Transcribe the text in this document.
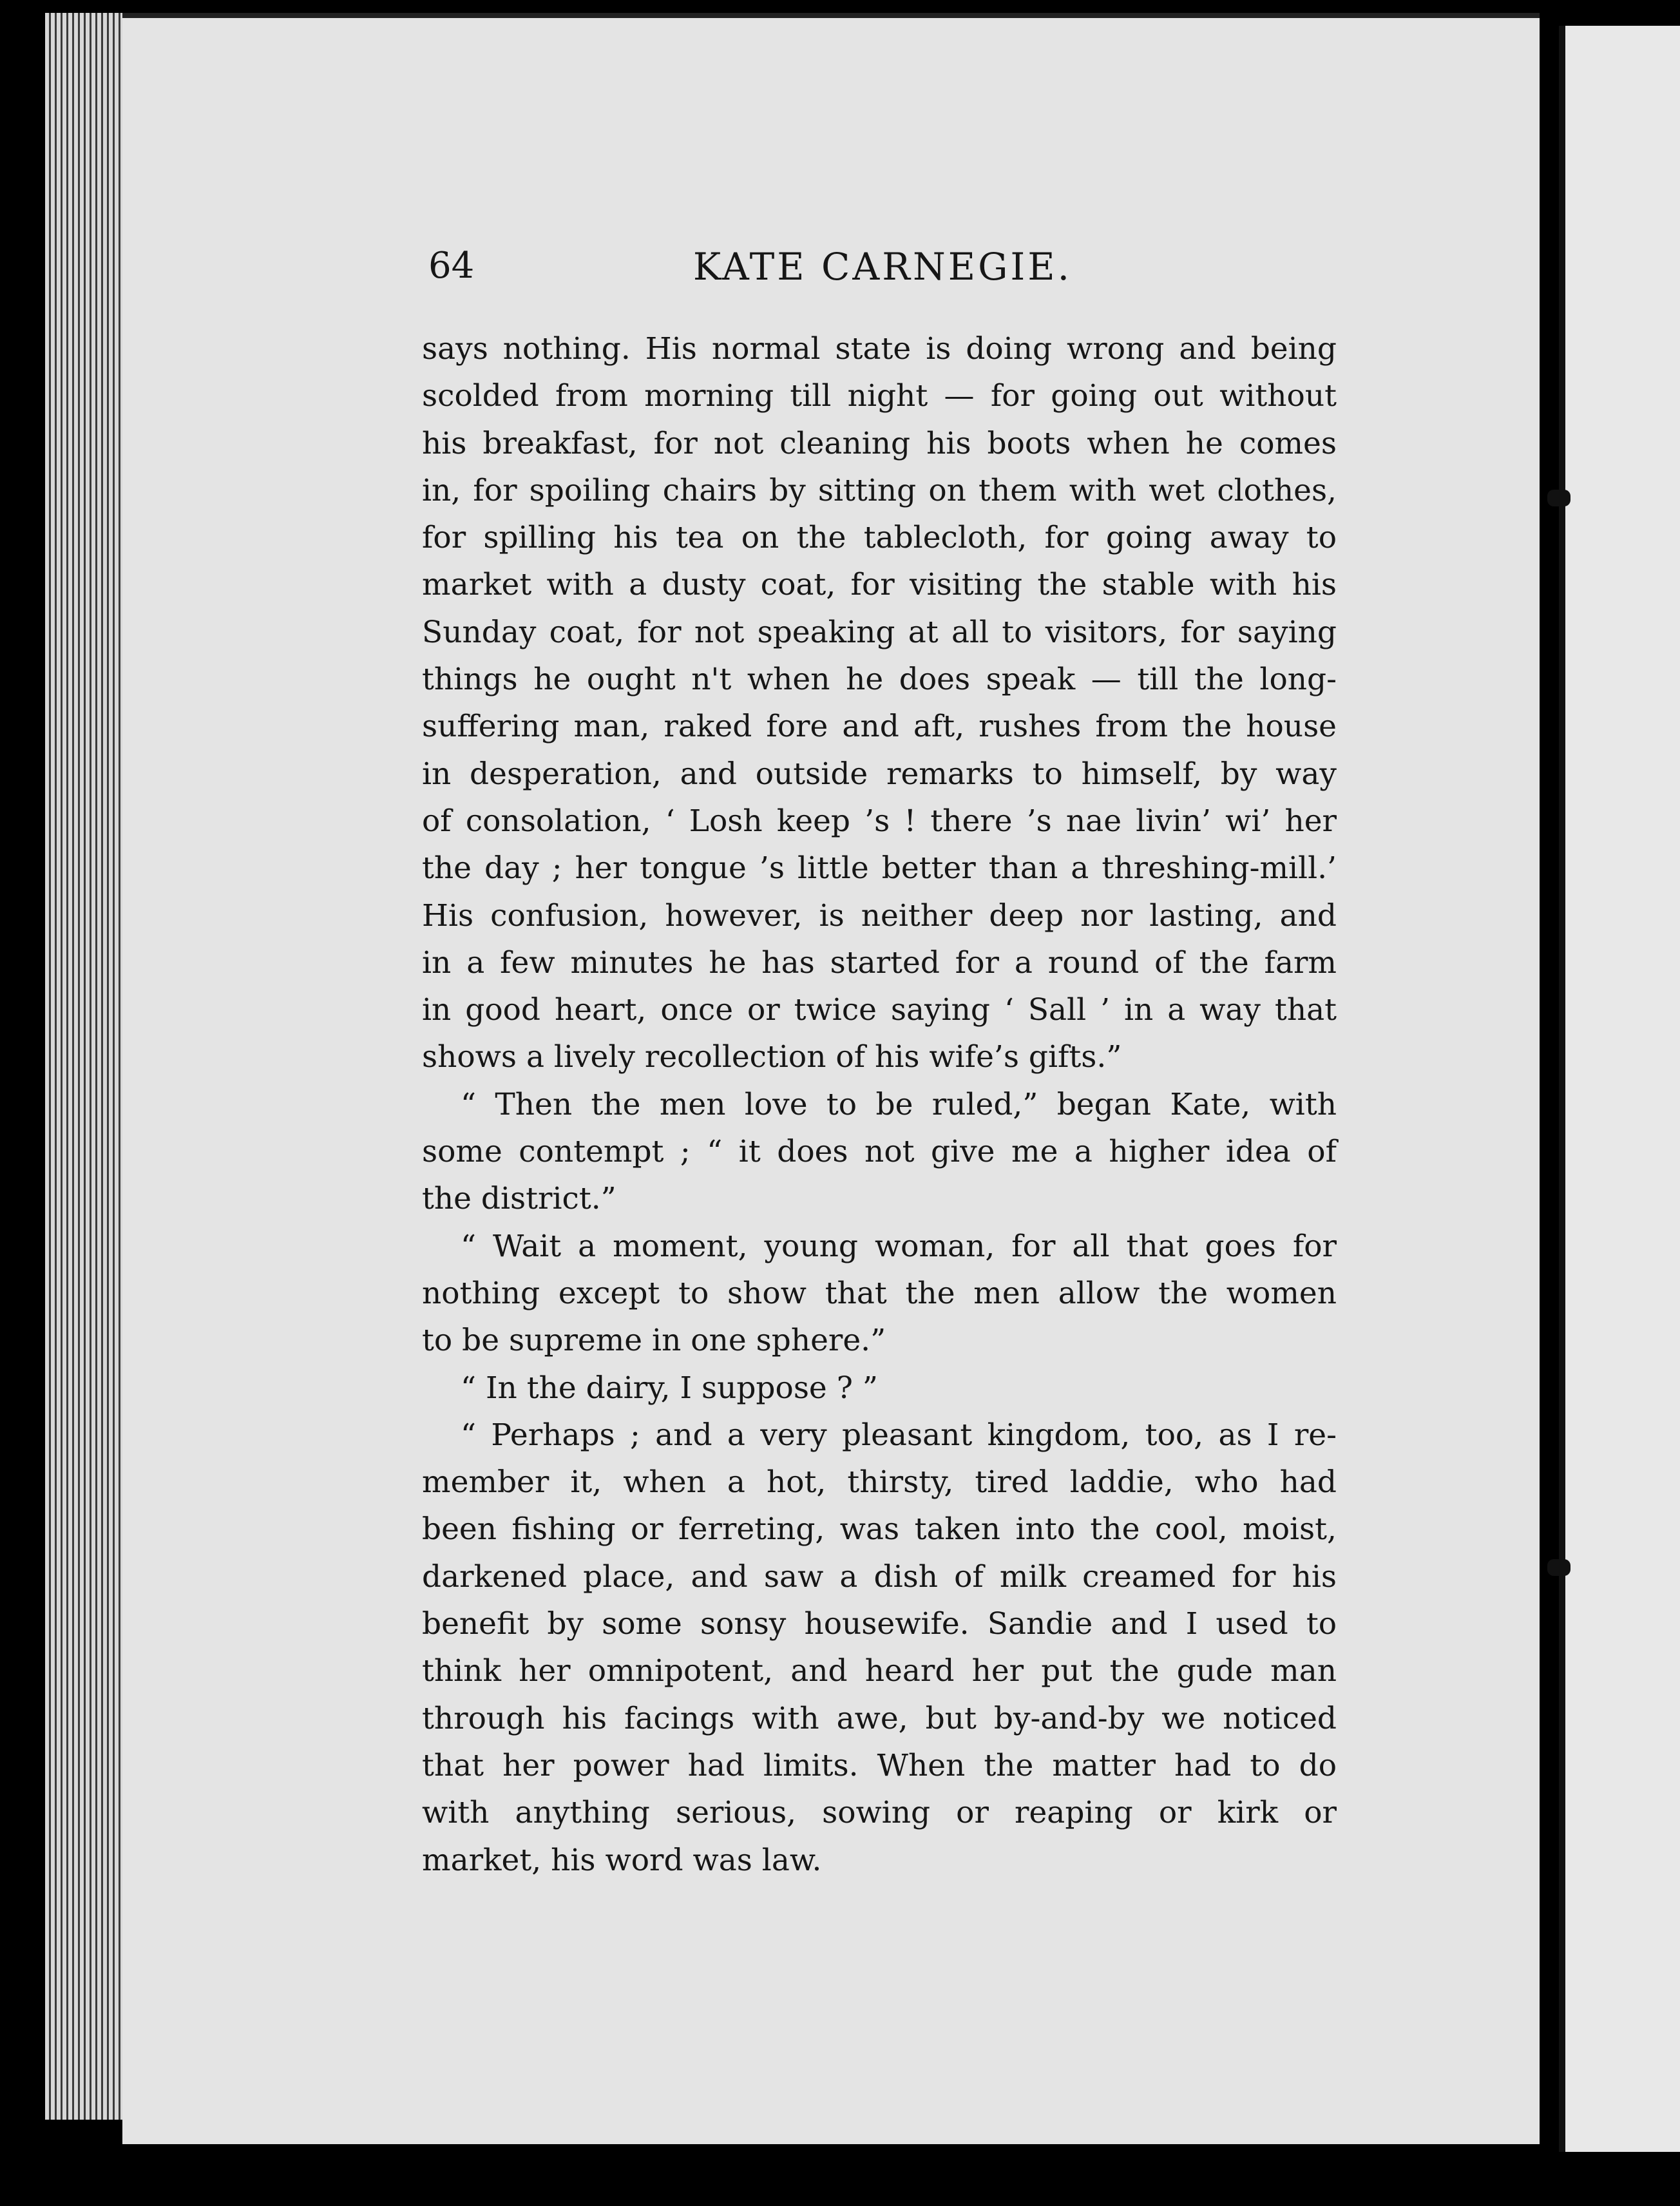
64	KATE CARNEGIE.
says nothing. His normal state is doing wrong and being
scolded from morning till night — for going out without
his breakfast, for not cleaning his boots when he comes
in, for spoiling chairs by sitting on them with wet clothes,
for spilling his tea on the tablecloth, for going away to
market with a dusty coat, for visiting the stable with his
Sunday coat, for not speaking at all to visitors, for saying
things he ought n't when he does speak — till the long-
suffering man, raked fore and aft, rushes from the house
in desperation, and outside remarks to himself, by way
of consolation, ‘ Losh keep ’s ! there ’s nae livin’ wi’ her
the day ; her tongue ’s little better than a threshing-mill.’
His confusion, however, is neither deep nor lasting, and
in a few minutes he has started for a round of the farm
in good heart, once or twice saying ‘ Sall ’ in a way that
shows a lively recollection of his wife’s gifts.”
“ Then the men love to be ruled,” began Kate, with
some contempt ; “ it does not give me a higher idea of
the district.”
“ Wait a moment, young woman, for all that goes for
nothing except to show that the men allow the women
to be supreme in one sphere.”
“ In the dairy, I suppose ? ”
“ Perhaps ; and a very pleasant kingdom, too, as I re-
member it, when a hot, thirsty, tired laddie, who had
been fishing or ferreting, was taken into the cool, moist,
darkened place, and saw a dish of milk creamed for his
benefit by some sonsy housewife. Sandie and I used to
think her omnipotent, and heard her put the gude man
through his facings with awe, but by-and-by we noticed
that her power had limits. When the matter had to do
with anything serious, sowing or reaping or kirk or
market, his word was law.
